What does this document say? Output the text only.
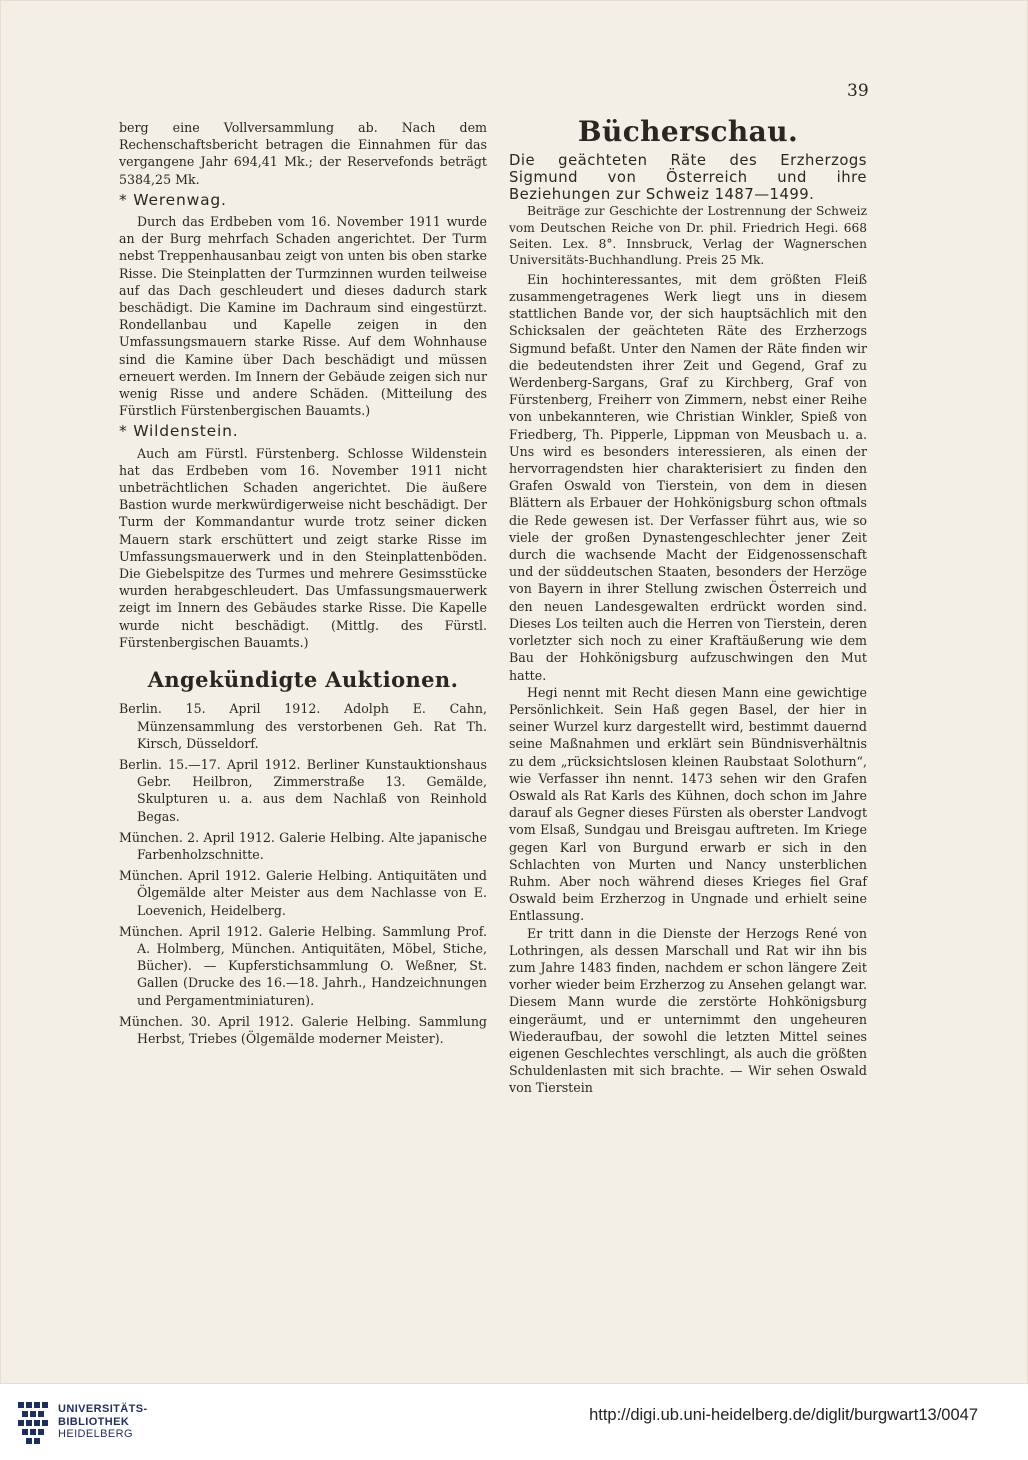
39

berg eine Vollversammlung ab. Nach dem Rechenschaftsbericht betragen die Einnahmen für das vergangene Jahr 694,41 Mk.; der Reservefonds beträgt 5384,25 Mk.

* Werenwag.

Durch das Erdbeben vom 16. November 1911 wurde an der Burg mehrfach Schaden angerichtet. Der Turm nebst Treppenhausanbau zeigt von unten bis oben starke Risse. Die Steinplatten der Turmzinnen wurden teilweise auf das Dach geschleudert und dieses dadurch stark beschädigt. Die Kamine im Dachraum sind eingestürzt. Rondellanbau und Kapelle zeigen in den Umfassungsmauern starke Risse. Auf dem Wohnhause sind die Kamine über Dach beschädigt und müssen erneuert werden. Im Innern der Gebäude zeigen sich nur wenig Risse und andere Schäden. (Mitteilung des Fürstlich Fürstenbergischen Bauamts.)

* Wildenstein.

Auch am Fürstl. Fürstenberg. Schlosse Wildenstein hat das Erdbeben vom 16. November 1911 nicht unbeträchtlichen Schaden angerichtet. Die äußere Bastion wurde merkwürdigerweise nicht beschädigt. Der Turm der Kommandantur wurde trotz seiner dicken Mauern stark erschüttert und zeigt starke Risse im Umfassungsmauerwerk und in den Steinplattenböden. Die Giebelspitze des Turmes und mehrere Gesimsstücke wurden herabgeschleudert. Das Umfassungsmauerwerk zeigt im Innern des Gebäudes starke Risse. Die Kapelle wurde nicht beschädigt. (Mittlg. des Fürstl. Fürstenbergischen Bauamts.)

Angekündigte Auktionen.

Berlin. 15. April 1912. Adolph E. Cahn, Münzensammlung des verstorbenen Geh. Rat Th. Kirsch, Düsseldorf.

Berlin. 15.—17. April 1912. Berliner Kunstauktionshaus Gebr. Heilbron, Zimmerstraße 13. Gemälde, Skulpturen u. a. aus dem Nachlaß von Reinhold Begas.

München. 2. April 1912. Galerie Helbing. Alte japanische Farbenholzschnitte.

München. April 1912. Galerie Helbing. Antiquitäten und Ölgemälde alter Meister aus dem Nachlasse von E. Loevenich, Heidelberg.

München. April 1912. Galerie Helbing. Sammlung Prof. A. Holmberg, München. Antiquitäten, Möbel, Stiche, Bücher). — Kupferstichsammlung O. Weßner, St. Gallen (Drucke des 16.—18. Jahrh., Handzeichnungen und Pergamentminiaturen).

München. 30. April 1912. Galerie Helbing. Sammlung Herbst, Triebes (Ölgemälde moderner Meister).

Bücherschau.

Die geächteten Räte des Erzherzogs Sigmund von Österreich und ihre Beziehungen zur Schweiz 1487—1499.

Beiträge zur Geschichte der Lostrennung der Schweiz vom Deutschen Reiche von Dr. phil. Friedrich Hegi. 668 Seiten. Lex. 8°. Innsbruck, Verlag der Wagnerschen Universitäts-Buchhandlung. Preis 25 Mk.

Ein hochinteressantes, mit dem größten Fleiß zusammengetragenes Werk liegt uns in diesem stattlichen Bande vor, der sich hauptsächlich mit den Schicksalen der geächteten Räte des Erzherzogs Sigmund befaßt. Unter den Namen der Räte finden wir die bedeutendsten ihrer Zeit und Gegend, Graf zu Werdenberg-Sargans, Graf zu Kirchberg, Graf von Fürstenberg, Freiherr von Zimmern, nebst einer Reihe von unbekannteren, wie Christian Winkler, Spieß von Friedberg, Th. Pipperle, Lippman von Meusbach u. a. Uns wird es besonders interessieren, als einen der hervorragendsten hier charakterisiert zu finden den Grafen Oswald von Tierstein, von dem in diesen Blättern als Erbauer der Hohkönigsburg schon oftmals die Rede gewesen ist. Der Verfasser führt aus, wie so viele der großen Dynastengeschlechter jener Zeit durch die wachsende Macht der Eidgenossenschaft und der süddeutschen Staaten, besonders der Herzöge von Bayern in ihrer Stellung zwischen Österreich und den neuen Landesgewalten erdrückt worden sind. Dieses Los teilten auch die Herren von Tierstein, deren vorletzter sich noch zu einer Kraftäußerung wie dem Bau der Hohkönigsburg aufzuschwingen den Mut hatte.

Hegi nennt mit Recht diesen Mann eine gewichtige Persönlichkeit. Sein Haß gegen Basel, der hier in seiner Wurzel kurz dargestellt wird, bestimmt dauernd seine Maßnahmen und erklärt sein Bündnisverhältnis zu dem „rücksichtslosen kleinen Raubstaat Solothurn“, wie Verfasser ihn nennt. 1473 sehen wir den Grafen Oswald als Rat Karls des Kühnen, doch schon im Jahre darauf als Gegner dieses Fürsten als oberster Landvogt vom Elsaß, Sundgau und Breisgau auftreten. Im Kriege gegen Karl von Burgund erwarb er sich in den Schlachten von Murten und Nancy unsterblichen Ruhm. Aber noch während dieses Krieges fiel Graf Oswald beim Erzherzog in Ungnade und erhielt seine Entlassung.

Er tritt dann in die Dienste der Herzogs René von Lothringen, als dessen Marschall und Rat wir ihn bis zum Jahre 1483 finden, nachdem er schon längere Zeit vorher wieder beim Erzherzog zu Ansehen gelangt war. Diesem Mann wurde die zerstörte Hohkönigsburg eingeräumt, und er unternimmt den ungeheuren Wiederaufbau, der sowohl die letzten Mittel seines eigenen Geschlechtes verschlingt, als auch die größten Schuldenlasten mit sich brachte. — Wir sehen Oswald von Tierstein

UNIVERSITÄTS-
BIBLIOTHEK
HEIDELBERG
http://digi.ub.uni-heidelberg.de/diglit/burgwart13/0047
